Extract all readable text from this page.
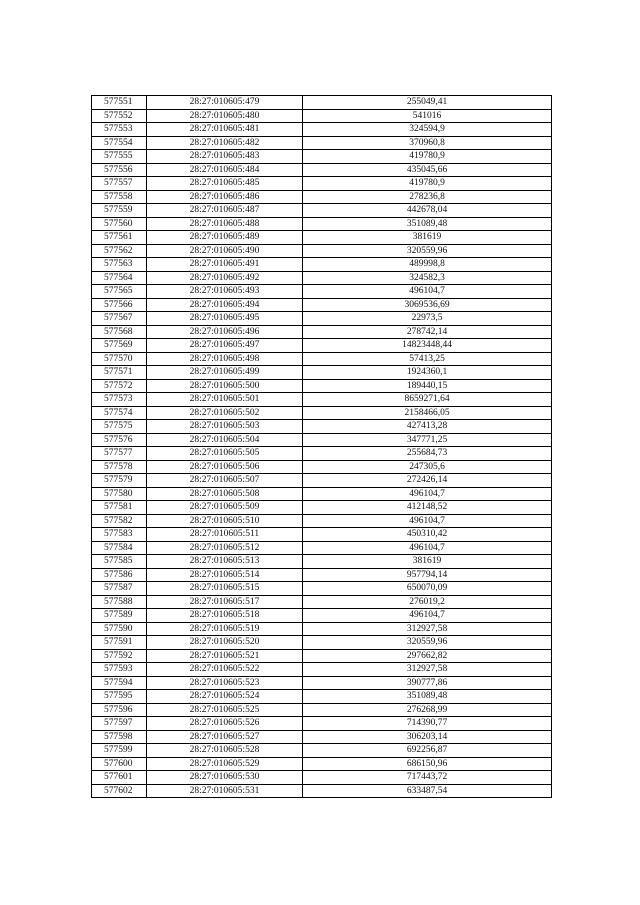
577551	28:27:010605:479	255049,41
577552	28:27:010605:480	541016
577553	28:27:010605:481	324594,9
577554	28:27:010605:482	370960,8
577555	28:27:010605:483	419780,9
577556	28:27:010605:484	435045,66
577557	28:27:010605:485	419780,9
577558	28:27:010605:486	278236,8
577559	28:27:010605:487	442678,04
577560	28:27:010605:488	351089,48
577561	28:27:010605:489	381619
577562	28:27:010605:490	320559,96
577563	28:27:010605:491	489998,8
577564	28:27:010605:492	324582,3
577565	28:27:010605:493	496104,7
577566	28:27:010605:494	3069536,69
577567	28:27:010605:495	22973,5
577568	28:27:010605:496	278742,14
577569	28:27:010605:497	14823448,44
577570	28:27:010605:498	57413,25
577571	28:27:010605:499	1924360,1
577572	28:27:010605:500	189440,15
577573	28:27:010605:501	8659271,64
577574	28:27:010605:502	2158466,05
577575	28:27:010605:503	427413,28
577576	28:27:010605:504	347771,25
577577	28:27:010605:505	255684,73
577578	28:27:010605:506	247305,6
577579	28:27:010605:507	272426,14
577580	28:27:010605:508	496104,7
577581	28:27:010605:509	412148,52
577582	28:27:010605:510	496104,7
577583	28:27:010605:511	450310,42
577584	28:27:010605:512	496104,7
577585	28:27:010605:513	381619
577586	28:27:010605:514	957794,14
577587	28:27:010605:515	650070,09
577588	28:27:010605:517	276019,2
577589	28:27:010605:518	496104,7
577590	28:27:010605:519	312927,58
577591	28:27:010605:520	320559,96
577592	28:27:010605:521	297662,82
577593	28:27:010605:522	312927,58
577594	28:27:010605:523	390777,86
577595	28:27:010605:524	351089,48
577596	28:27:010605:525	276268,99
577597	28:27:010605:526	714390,77
577598	28:27:010605:527	306203,14
577599	28:27:010605:528	692256,87
577600	28:27:010605:529	686150,96
577601	28:27:010605:530	717443,72
577602	28:27:010605:531	633487,54
